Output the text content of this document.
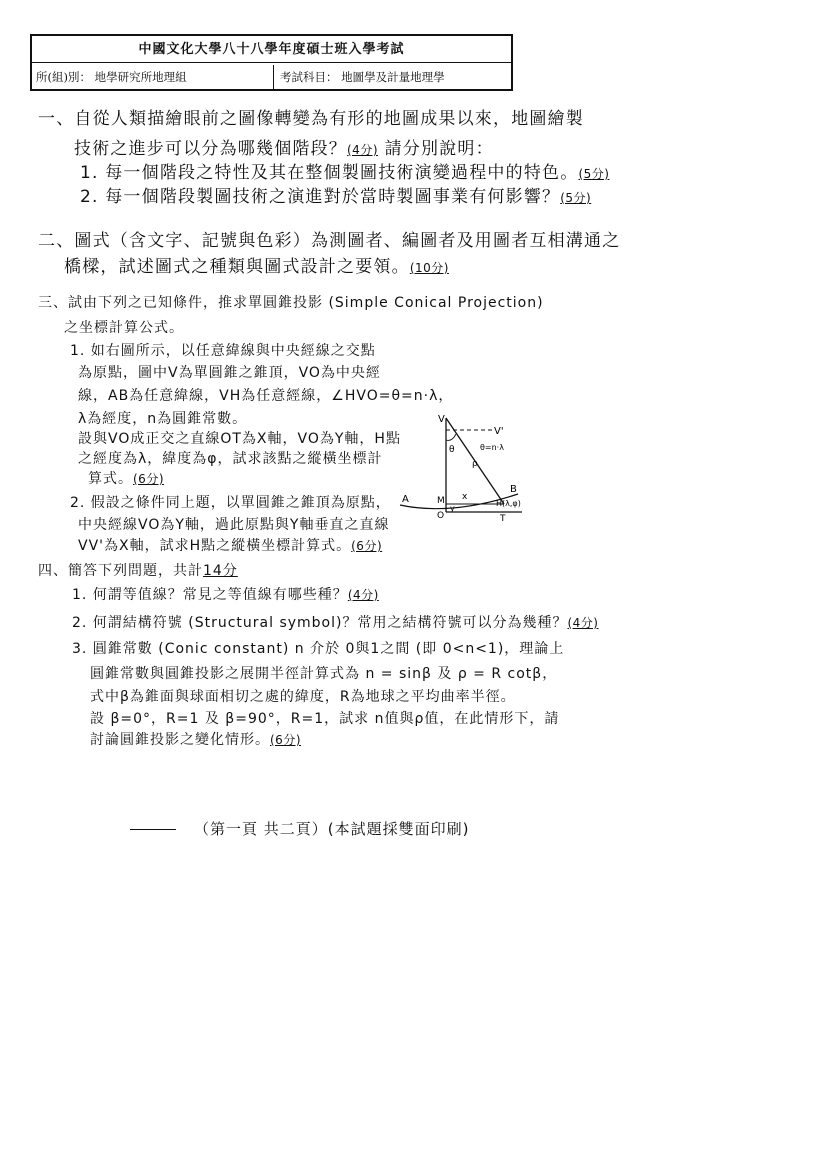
中國文化大學八十八學年度碩士班入學考試
所(組)別： 地學研究所地理組	考試科目： 地圖學及計量地理學
一、自從人類描繪眼前之圖像轉變為有形的地圖成果以來，地圖繪製
技術之進步可以分為哪幾個階段？(4分) 請分別說明：
1. 每一個階段之特性及其在整個製圖技術演變過程中的特色。(5分)
2. 每一個階段製圖技術之演進對於當時製圖事業有何影響？(5分)
二、圖式（含文字、記號與色彩）為測圖者、編圖者及用圖者互相溝通之
橋樑，試述圖式之種類與圖式設計之要領。(10分)
三、試由下列之已知條件，推求單圓錐投影 (Simple Conical Projection)
之坐標計算公式。
1. 如右圖所示，以任意緯線與中央經線之交點
為原點，圖中V為單圓錐之錐頂，VO為中央經
線，AB為任意緯線，VH為任意經線，∠HVO=θ=n·λ，
λ為經度，n為圓錐常數。
設與VO成正交之直線OT為X軸，VO為Y軸，H點
之經度為λ，緯度為φ，試求該點之縱橫坐標計
算式。(6分)
2. 假設之條件同上題，以單圓錐之錐頂為原點，
中央經線VO為Y軸，過此原點與Y軸垂直之直線
VV'為X軸，試求H點之縱橫坐標計算式。(6分)
V
V'
θ	θ=n·λ
ρ
A	M
O
y
x
B
H(λ,φ)
T
四、簡答下列問題，共計14分
1. 何謂等值線？常見之等值線有哪些種？(4分)
2. 何謂結構符號 (Structural symbol)？常用之結構符號可以分為幾種？(4分)
3. 圓錐常數 (Conic constant) n 介於 0與1之間 (即 0<n<1)，理論上
圓錐常數與圓錐投影之展開半徑計算式為 n = sinβ 及 ρ = R cotβ，
式中β為錐面與球面相切之處的緯度，R為地球之平均曲率半徑。
設 β=0°，R=1 及 β=90°，R=1，試求 n值與ρ值，在此情形下，請
討論圓錐投影之變化情形。(6分)
（第一頁 共二頁）(本試題採雙面印刷)
